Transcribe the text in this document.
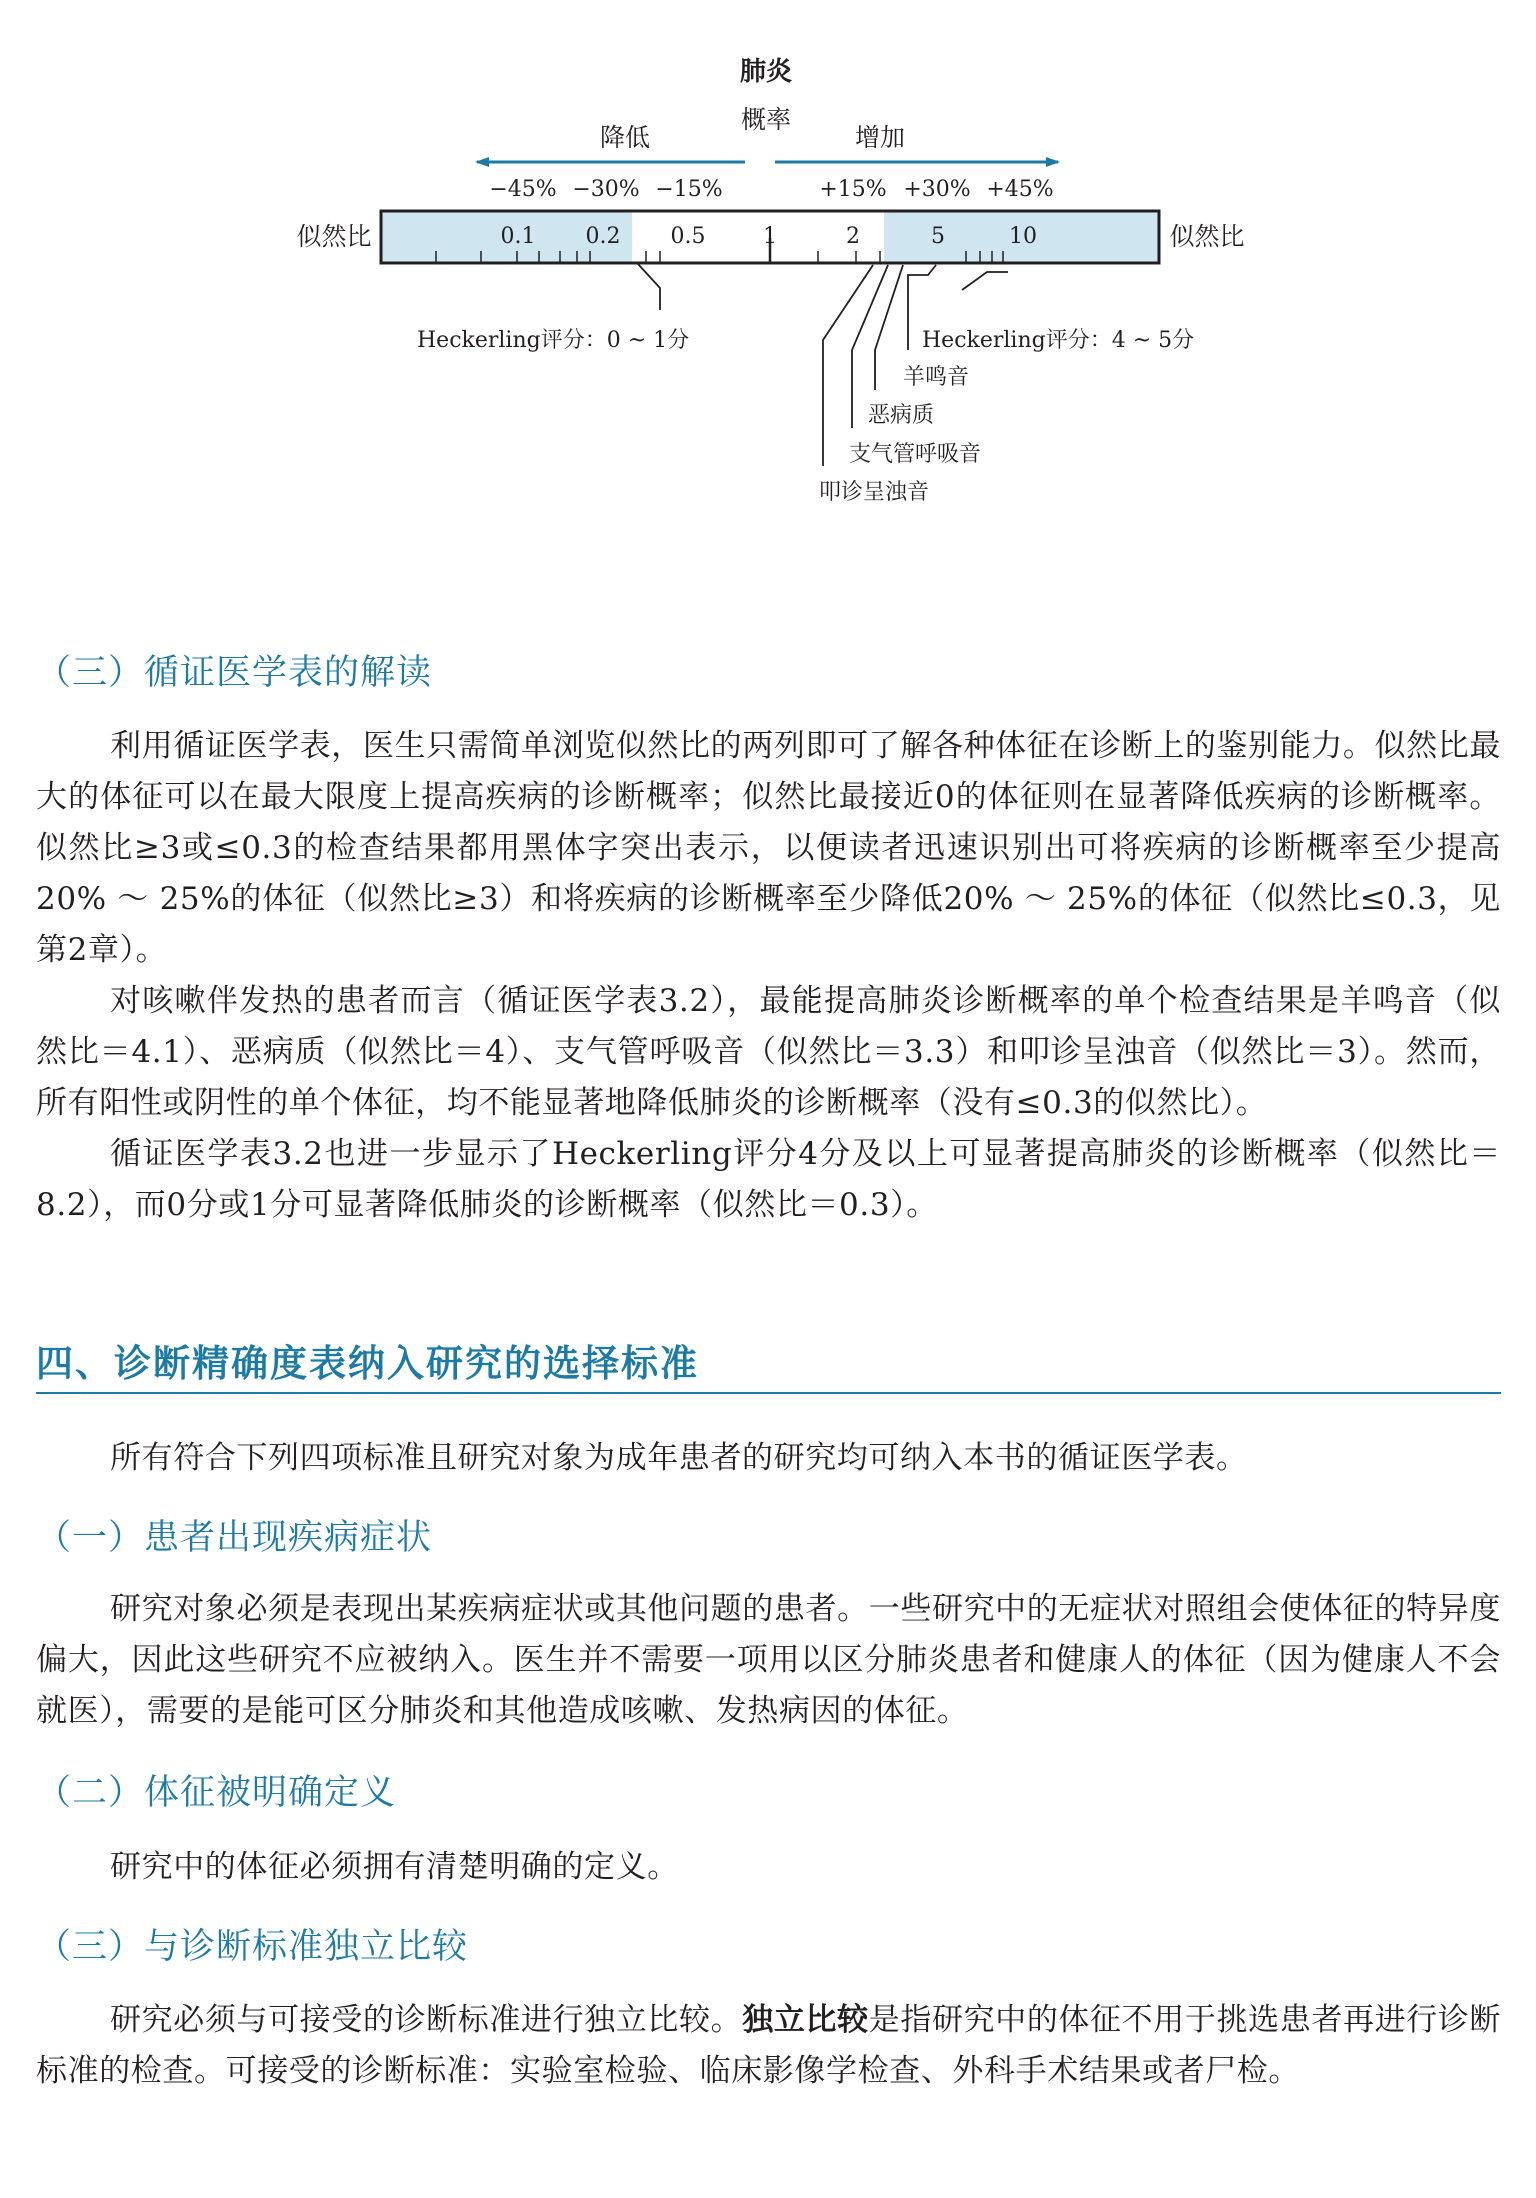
肺炎
概率
降低	增加
−45% −30% −15%	+15% +30% +45%
似然比	似然比
0.1 0.2 0.5	1	2	5	10
Heckerling评分：0 ~ 1分	Heckerling评分：4 ~ 5分
羊鸣音
恶病质
支气管呼吸音
叩诊呈浊音
（三）循证医学表的解读

利用循证医学表，医生只需简单浏览似然比的两列即可了解各种体征在诊断上的鉴别能力。似然比最大的体征可以在最大限度上提高疾病的诊断概率；似然比最接近0的体征则在显著降低疾病的诊断概率。似然比≥3或≤0.3的检查结果都用黑体字突出表示，以便读者迅速识别出可将疾病的诊断概率至少提高20% ～ 25%的体征（似然比≥3）和将疾病的诊断概率至少降低20% ～ 25%的体征（似然比≤0.3，见第2章）。

对咳嗽伴发热的患者而言（循证医学表3.2），最能提高肺炎诊断概率的单个检查结果是羊鸣音（似然比＝4.1）、恶病质（似然比＝4）、支气管呼吸音（似然比＝3.3）和叩诊呈浊音（似然比＝3）。然而，所有阳性或阴性的单个体征，均不能显著地降低肺炎的诊断概率（没有≤0.3的似然比）。

循证医学表3.2也进一步显示了Heckerling评分4分及以上可显著提高肺炎的诊断概率（似然比＝8.2），而0分或1分可显著降低肺炎的诊断概率（似然比＝0.3）。

四、诊断精确度表纳入研究的选择标准

所有符合下列四项标准且研究对象为成年患者的研究均可纳入本书的循证医学表。

（一）患者出现疾病症状

研究对象必须是表现出某疾病症状或其他问题的患者。一些研究中的无症状对照组会使体征的特异度偏大，因此这些研究不应被纳入。医生并不需要一项用以区分肺炎患者和健康人的体征（因为健康人不会就医），需要的是能可区分肺炎和其他造成咳嗽、发热病因的体征。

（二）体征被明确定义

研究中的体征必须拥有清楚明确的定义。

（三）与诊断标准独立比较

研究必须与可接受的诊断标准进行独立比较。独立比较是指研究中的体征不用于挑选患者再进行诊断标准的检查。可接受的诊断标准：实验室检验、临床影像学检查、外科手术结果或者尸检。
